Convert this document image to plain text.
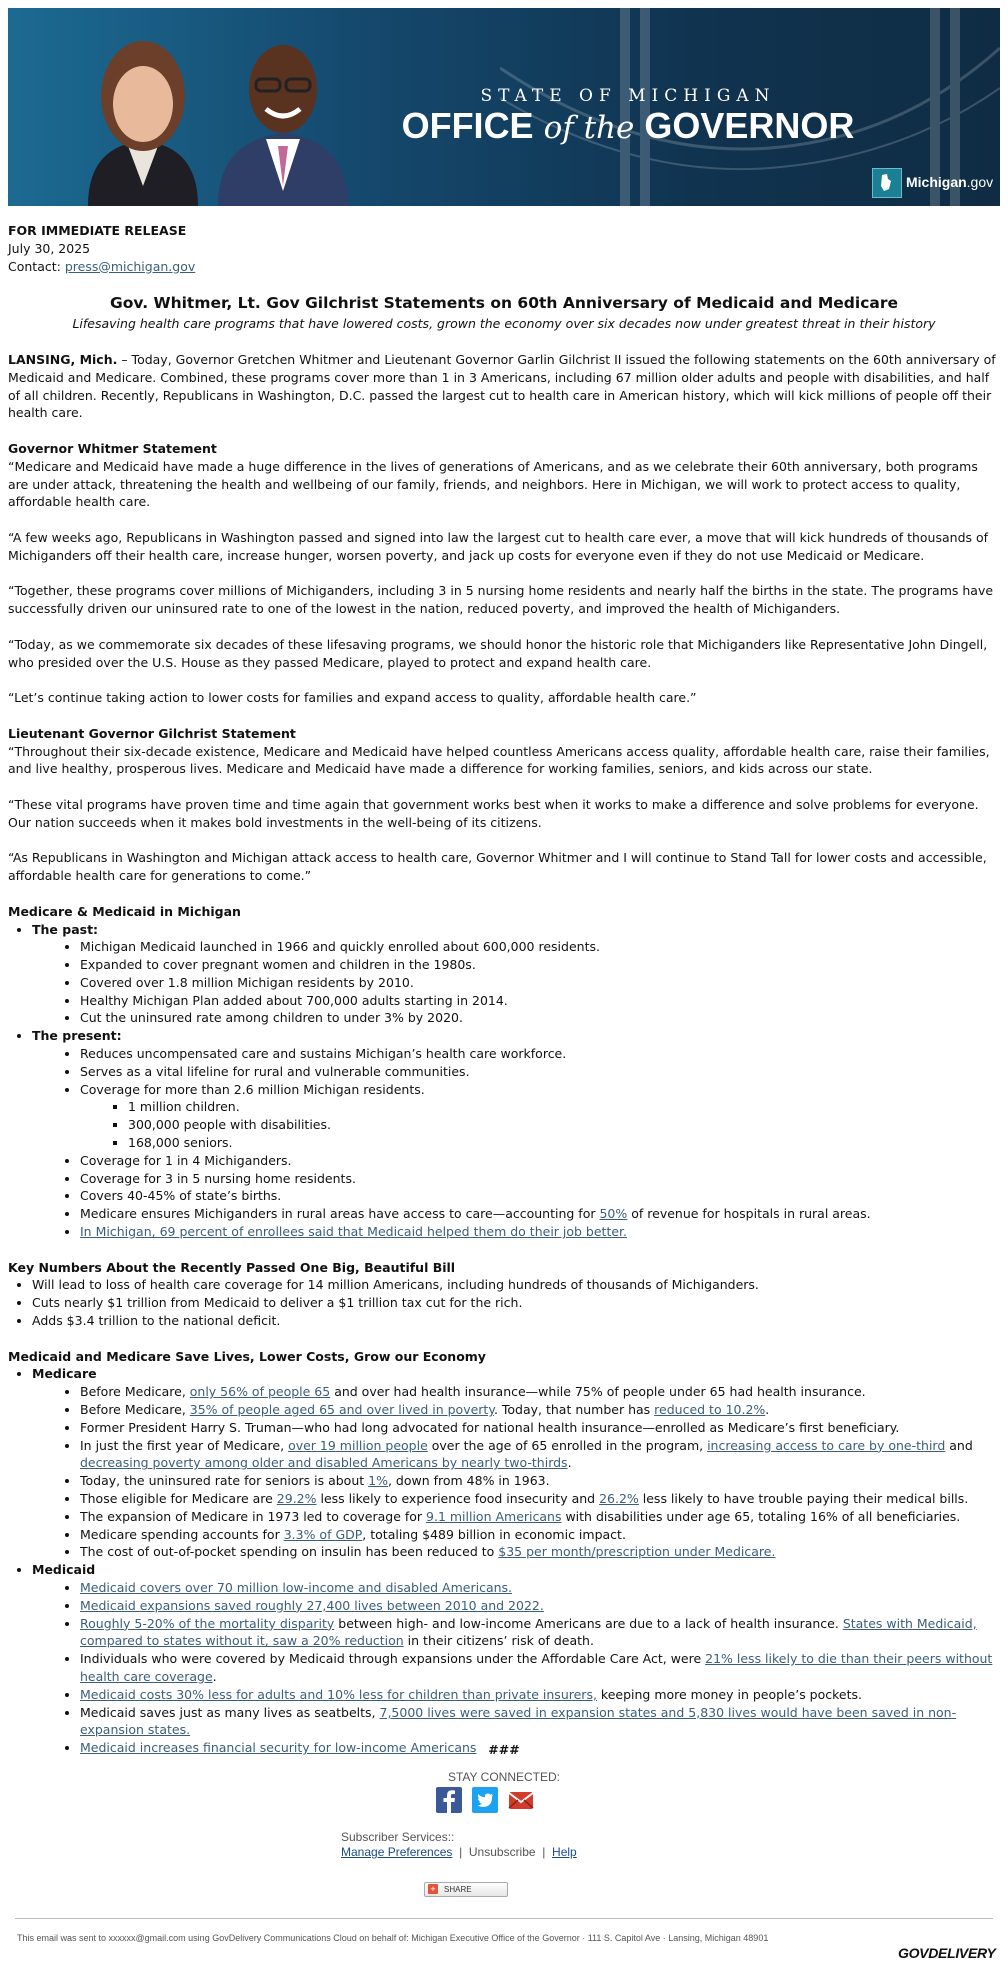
STATE OF MICHIGAN
OFFICE of the GOVERNOR
Michigan.gov
FOR IMMEDIATE RELEASE
July 30, 2025
Contact: press@michigan.gov
Gov. Whitmer, Lt. Gov Gilchrist Statements on 60th Anniversary of Medicaid and Medicare
Lifesaving health care programs that have lowered costs, grown the economy over six decades now under greatest threat in their history

LANSING, Mich. – Today, Governor Gretchen Whitmer and Lieutenant Governor Garlin Gilchrist II issued the following statements on the 60th anniversary of Medicaid and Medicare. Combined, these programs cover more than 1 in 3 Americans, including 67 million older adults and people with disabilities, and half of all children. Recently, Republicans in Washington, D.C. passed the largest cut to health care in American history, which will kick millions of people off their health care.

Governor Whitmer Statement

“Medicare and Medicaid have made a huge difference in the lives of generations of Americans, and as we celebrate their 60th anniversary, both programs are under attack, threatening the health and wellbeing of our family, friends, and neighbors. Here in Michigan, we will work to protect access to quality, affordable health care.

“A few weeks ago, Republicans in Washington passed and signed into law the largest cut to health care ever, a move that will kick hundreds of thousands of Michiganders off their health care, increase hunger, worsen poverty, and jack up costs for everyone even if they do not use Medicaid or Medicare.

“Together, these programs cover millions of Michiganders, including 3 in 5 nursing home residents and nearly half the births in the state. The programs have successfully driven our uninsured rate to one of the lowest in the nation, reduced poverty, and improved the health of Michiganders.

“Today, as we commemorate six decades of these lifesaving programs, we should honor the historic role that Michiganders like Representative John Dingell, who presided over the U.S. House as they passed Medicare, played to protect and expand health care.

“Let’s continue taking action to lower costs for families and expand access to quality, affordable health care.”

Lieutenant Governor Gilchrist Statement

“Throughout their six-decade existence, Medicare and Medicaid have helped countless Americans access quality, affordable health care, raise their families, and live healthy, prosperous lives. Medicare and Medicaid have made a difference for working families, seniors, and kids across our state.

“These vital programs have proven time and time again that government works best when it works to make a difference and solve problems for everyone. Our nation succeeds when it makes bold investments in the well-being of its citizens.

“As Republicans in Washington and Michigan attack access to health care, Governor Whitmer and I will continue to Stand Tall for lower costs and accessible, affordable health care for generations to come.”

Medicare & Medicaid in Michigan

• The past:
• Michigan Medicaid launched in 1966 and quickly enrolled about 600,000 residents.
• Expanded to cover pregnant women and children in the 1980s.
• Covered over 1.8 million Michigan residents by 2010.
• Healthy Michigan Plan added about 700,000 adults starting in 2014.
• Cut the uninsured rate among children to under 3% by 2020.
• The present:
• Reduces uncompensated care and sustains Michigan’s health care workforce.
• Serves as a vital lifeline for rural and vulnerable communities.
• Coverage for more than 2.6 million Michigan residents.
▪ 1 million children.
▪ 300,000 people with disabilities.
▪ 168,000 seniors.
• Coverage for 1 in 4 Michiganders.
• Coverage for 3 in 5 nursing home residents.
• Covers 40-45% of state’s births.
• Medicare ensures Michiganders in rural areas have access to care—accounting for 50% of revenue for hospitals in rural areas.
• In Michigan, 69 percent of enrollees said that Medicaid helped them do their job better.

Key Numbers About the Recently Passed One Big, Beautiful Bill

• Will lead to loss of health care coverage for 14 million Americans, including hundreds of thousands of Michiganders.
• Cuts nearly $1 trillion from Medicaid to deliver a $1 trillion tax cut for the rich.
• Adds $3.4 trillion to the national deficit.

Medicaid and Medicare Save Lives, Lower Costs, Grow our Economy

• Medicare
• Before Medicare, only 56% of people 65 and over had health insurance—while 75% of people under 65 had health insurance.
• Before Medicare, 35% of people aged 65 and over lived in poverty. Today, that number has reduced to 10.2%.
• Former President Harry S. Truman—who had long advocated for national health insurance—enrolled as Medicare’s first beneficiary.
• In just the first year of Medicare, over 19 million people over the age of 65 enrolled in the program, increasing access to care by one-third and decreasing poverty among older and disabled Americans by nearly two-thirds.
• Today, the uninsured rate for seniors is about 1%, down from 48% in 1963.
• Those eligible for Medicare are 29.2% less likely to experience food insecurity and 26.2% less likely to have trouble paying their medical bills.
• The expansion of Medicare in 1973 led to coverage for 9.1 million Americans with disabilities under age 65, totaling 16% of all beneficiaries.
• Medicare spending accounts for 3.3% of GDP, totaling $489 billion in economic impact.
• The cost of out-of-pocket spending on insulin has been reduced to $35 per month/prescription under Medicare.
• Medicaid
• Medicaid covers over 70 million low-income and disabled Americans.
• Medicaid expansions saved roughly 27,400 lives between 2010 and 2022.
• Roughly 5-20% of the mortality disparity between high- and low-income Americans are due to a lack of health insurance. States with Medicaid, compared to states without it, saw a 20% reduction in their citizens’ risk of death.
• Individuals who were covered by Medicaid through expansions under the Affordable Care Act, were 21% less likely to die than their peers without health care coverage.
• Medicaid costs 30% less for adults and 10% less for children than private insurers, keeping more money in people’s pockets.
• Medicaid saves just as many lives as seatbelts, 7,5000 lives were saved in expansion states and 5,830 lives would have been saved in non-expansion states.
• Medicaid increases financial security for low-income Americans ###
STAY CONNECTED:
Subscriber Services::
Manage Preferences | Unsubscribe | Help
+ SHARE
This email was sent to xxxxxx@gmail.com using GovDelivery Communications Cloud on behalf of: Michigan Executive Office of the Governor · 111 S. Capitol Ave · Lansing, Michigan 48901
GOVDELIVERY
